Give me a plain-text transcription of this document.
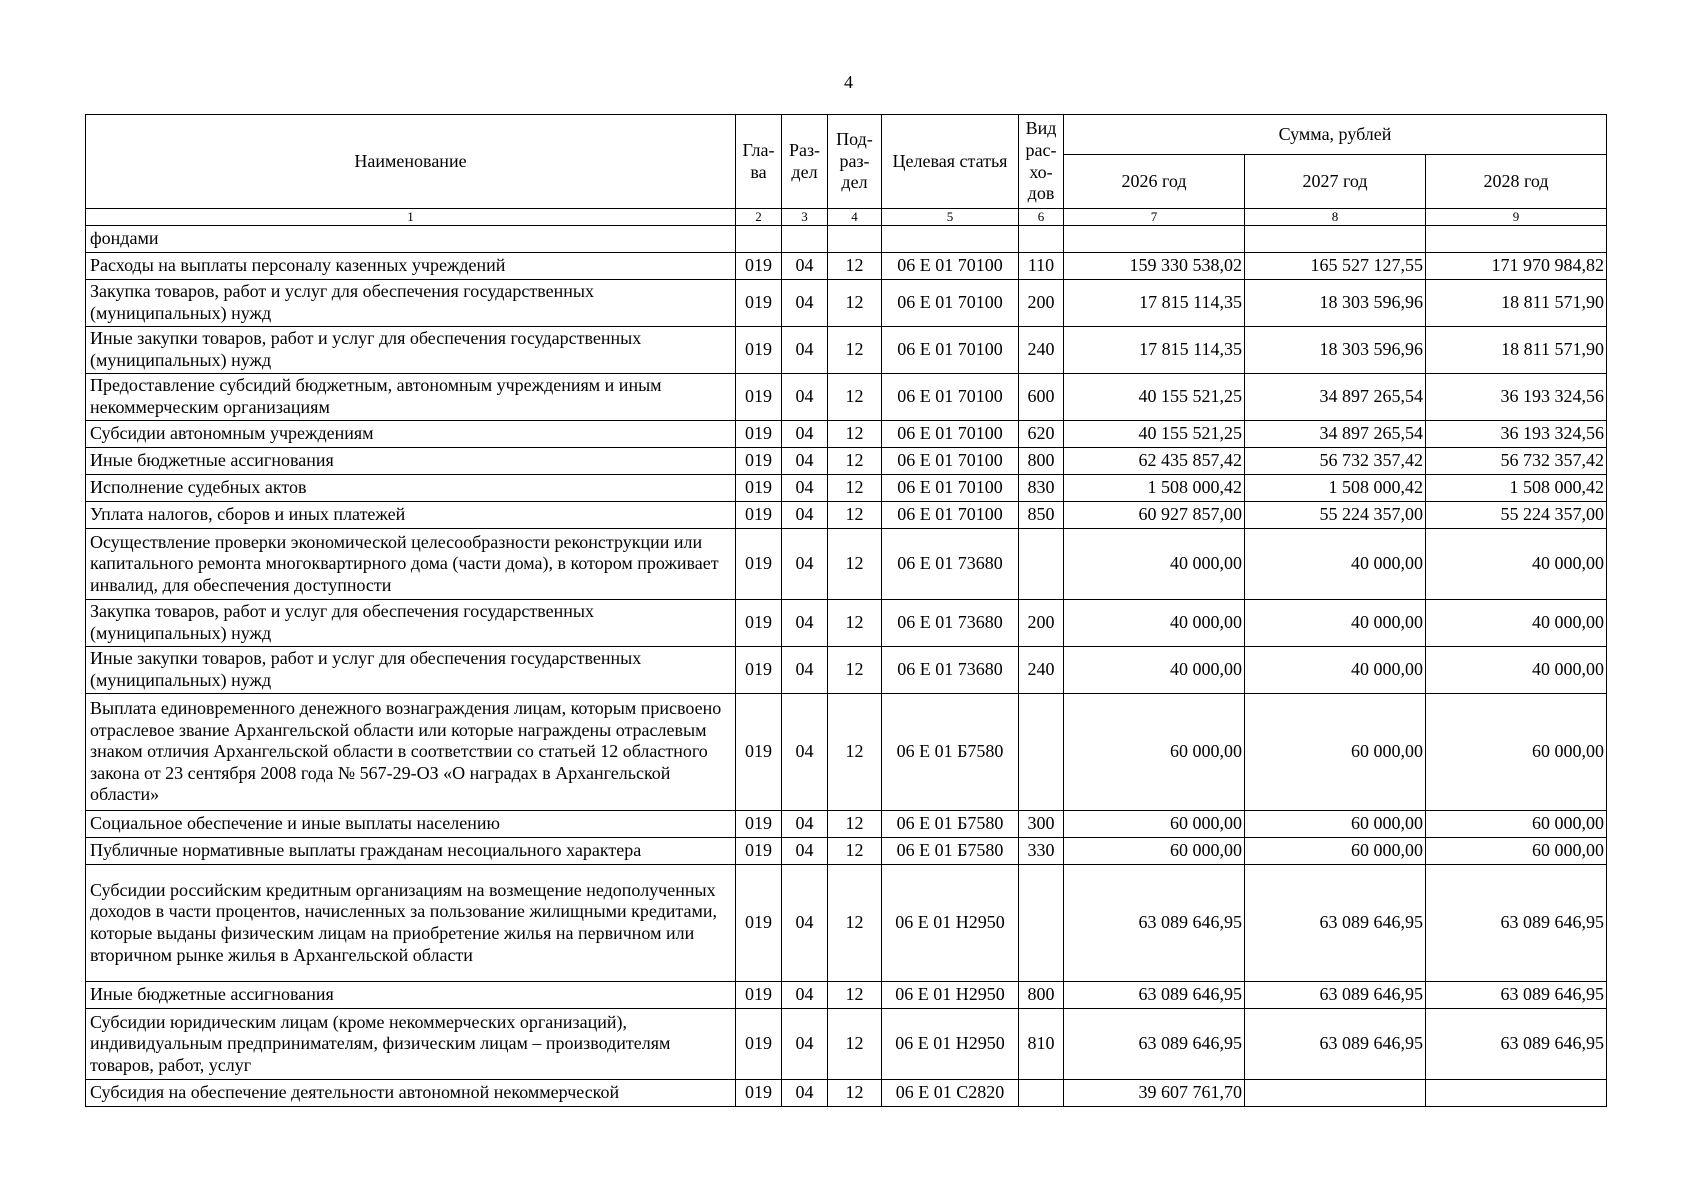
4
Наименование	Гла-ва	Раз-дел	Под-раз-дел	Целевая статья	Вид рас-хо-дов	Сумма, рублей		
						2026 год	2027 год	2028 год
1	2	3	4	5	6	7	8	9
фондами								
Расходы на выплаты персоналу казенных учреждений	019	04	12	06 Е 01 70100	110	159 330 538,02	165 527 127,55	171 970 984,82
Закупка товаров, работ и услуг для обеспечения государственных (муниципальных) нужд	019	04	12	06 Е 01 70100	200	17 815 114,35	18 303 596,96	18 811 571,90
Иные закупки товаров, работ и услуг для обеспечения государственных (муниципальных) нужд	019	04	12	06 Е 01 70100	240	17 815 114,35	18 303 596,96	18 811 571,90
Предоставление субсидий бюджетным, автономным учреждениям и иным некоммерческим организациям	019	04	12	06 Е 01 70100	600	40 155 521,25	34 897 265,54	36 193 324,56
Субсидии автономным учреждениям	019	04	12	06 Е 01 70100	620	40 155 521,25	34 897 265,54	36 193 324,56
Иные бюджетные ассигнования	019	04	12	06 Е 01 70100	800	62 435 857,42	56 732 357,42	56 732 357,42
Исполнение судебных актов	019	04	12	06 Е 01 70100	830	1 508 000,42	1 508 000,42	1 508 000,42
Уплата налогов, сборов и иных платежей	019	04	12	06 Е 01 70100	850	60 927 857,00	55 224 357,00	55 224 357,00
Осуществление проверки экономической целесообразности реконструкции или капитального ремонта многоквартирного дома (части дома), в котором проживает инвалид, для обеспечения доступности	019	04	12	06 Е 01 73680		40 000,00	40 000,00	40 000,00
Закупка товаров, работ и услуг для обеспечения государственных (муниципальных) нужд	019	04	12	06 Е 01 73680	200	40 000,00	40 000,00	40 000,00
Иные закупки товаров, работ и услуг для обеспечения государственных (муниципальных) нужд	019	04	12	06 Е 01 73680	240	40 000,00	40 000,00	40 000,00
Выплата единовременного денежного вознаграждения лицам, которым присвоено отраслевое звание Архангельской области или которые награждены отраслевым знаком отличия Архангельской области в соответствии со статьей 12 областного закона от 23 сентября 2008 года № 567-29-ОЗ «О наградах в Архангельской области»	019	04	12	06 Е 01 Б7580		60 000,00	60 000,00	60 000,00
Социальное обеспечение и иные выплаты населению	019	04	12	06 Е 01 Б7580	300	60 000,00	60 000,00	60 000,00
Публичные нормативные выплаты гражданам несоциального характера	019	04	12	06 Е 01 Б7580	330	60 000,00	60 000,00	60 000,00
Субсидии российским кредитным организациям на возмещение недополученных доходов в части процентов, начисленных за пользование жилищными кредитами, которые выданы физическим лицам на приобретение жилья на первичном или вторичном рынке жилья в Архангельской области	019	04	12	06 Е 01 Н2950		63 089 646,95	63 089 646,95	63 089 646,95
Иные бюджетные ассигнования	019	04	12	06 Е 01 Н2950	800	63 089 646,95	63 089 646,95	63 089 646,95
Субсидии юридическим лицам (кроме некоммерческих организаций), индивидуальным предпринимателям, физическим лицам – производителям товаров, работ, услуг	019	04	12	06 Е 01 Н2950	810	63 089 646,95	63 089 646,95	63 089 646,95
Субсидия на обеспечение деятельности автономной некоммерческой	019	04	12	06 Е 01 С2820		39 607 761,70		
